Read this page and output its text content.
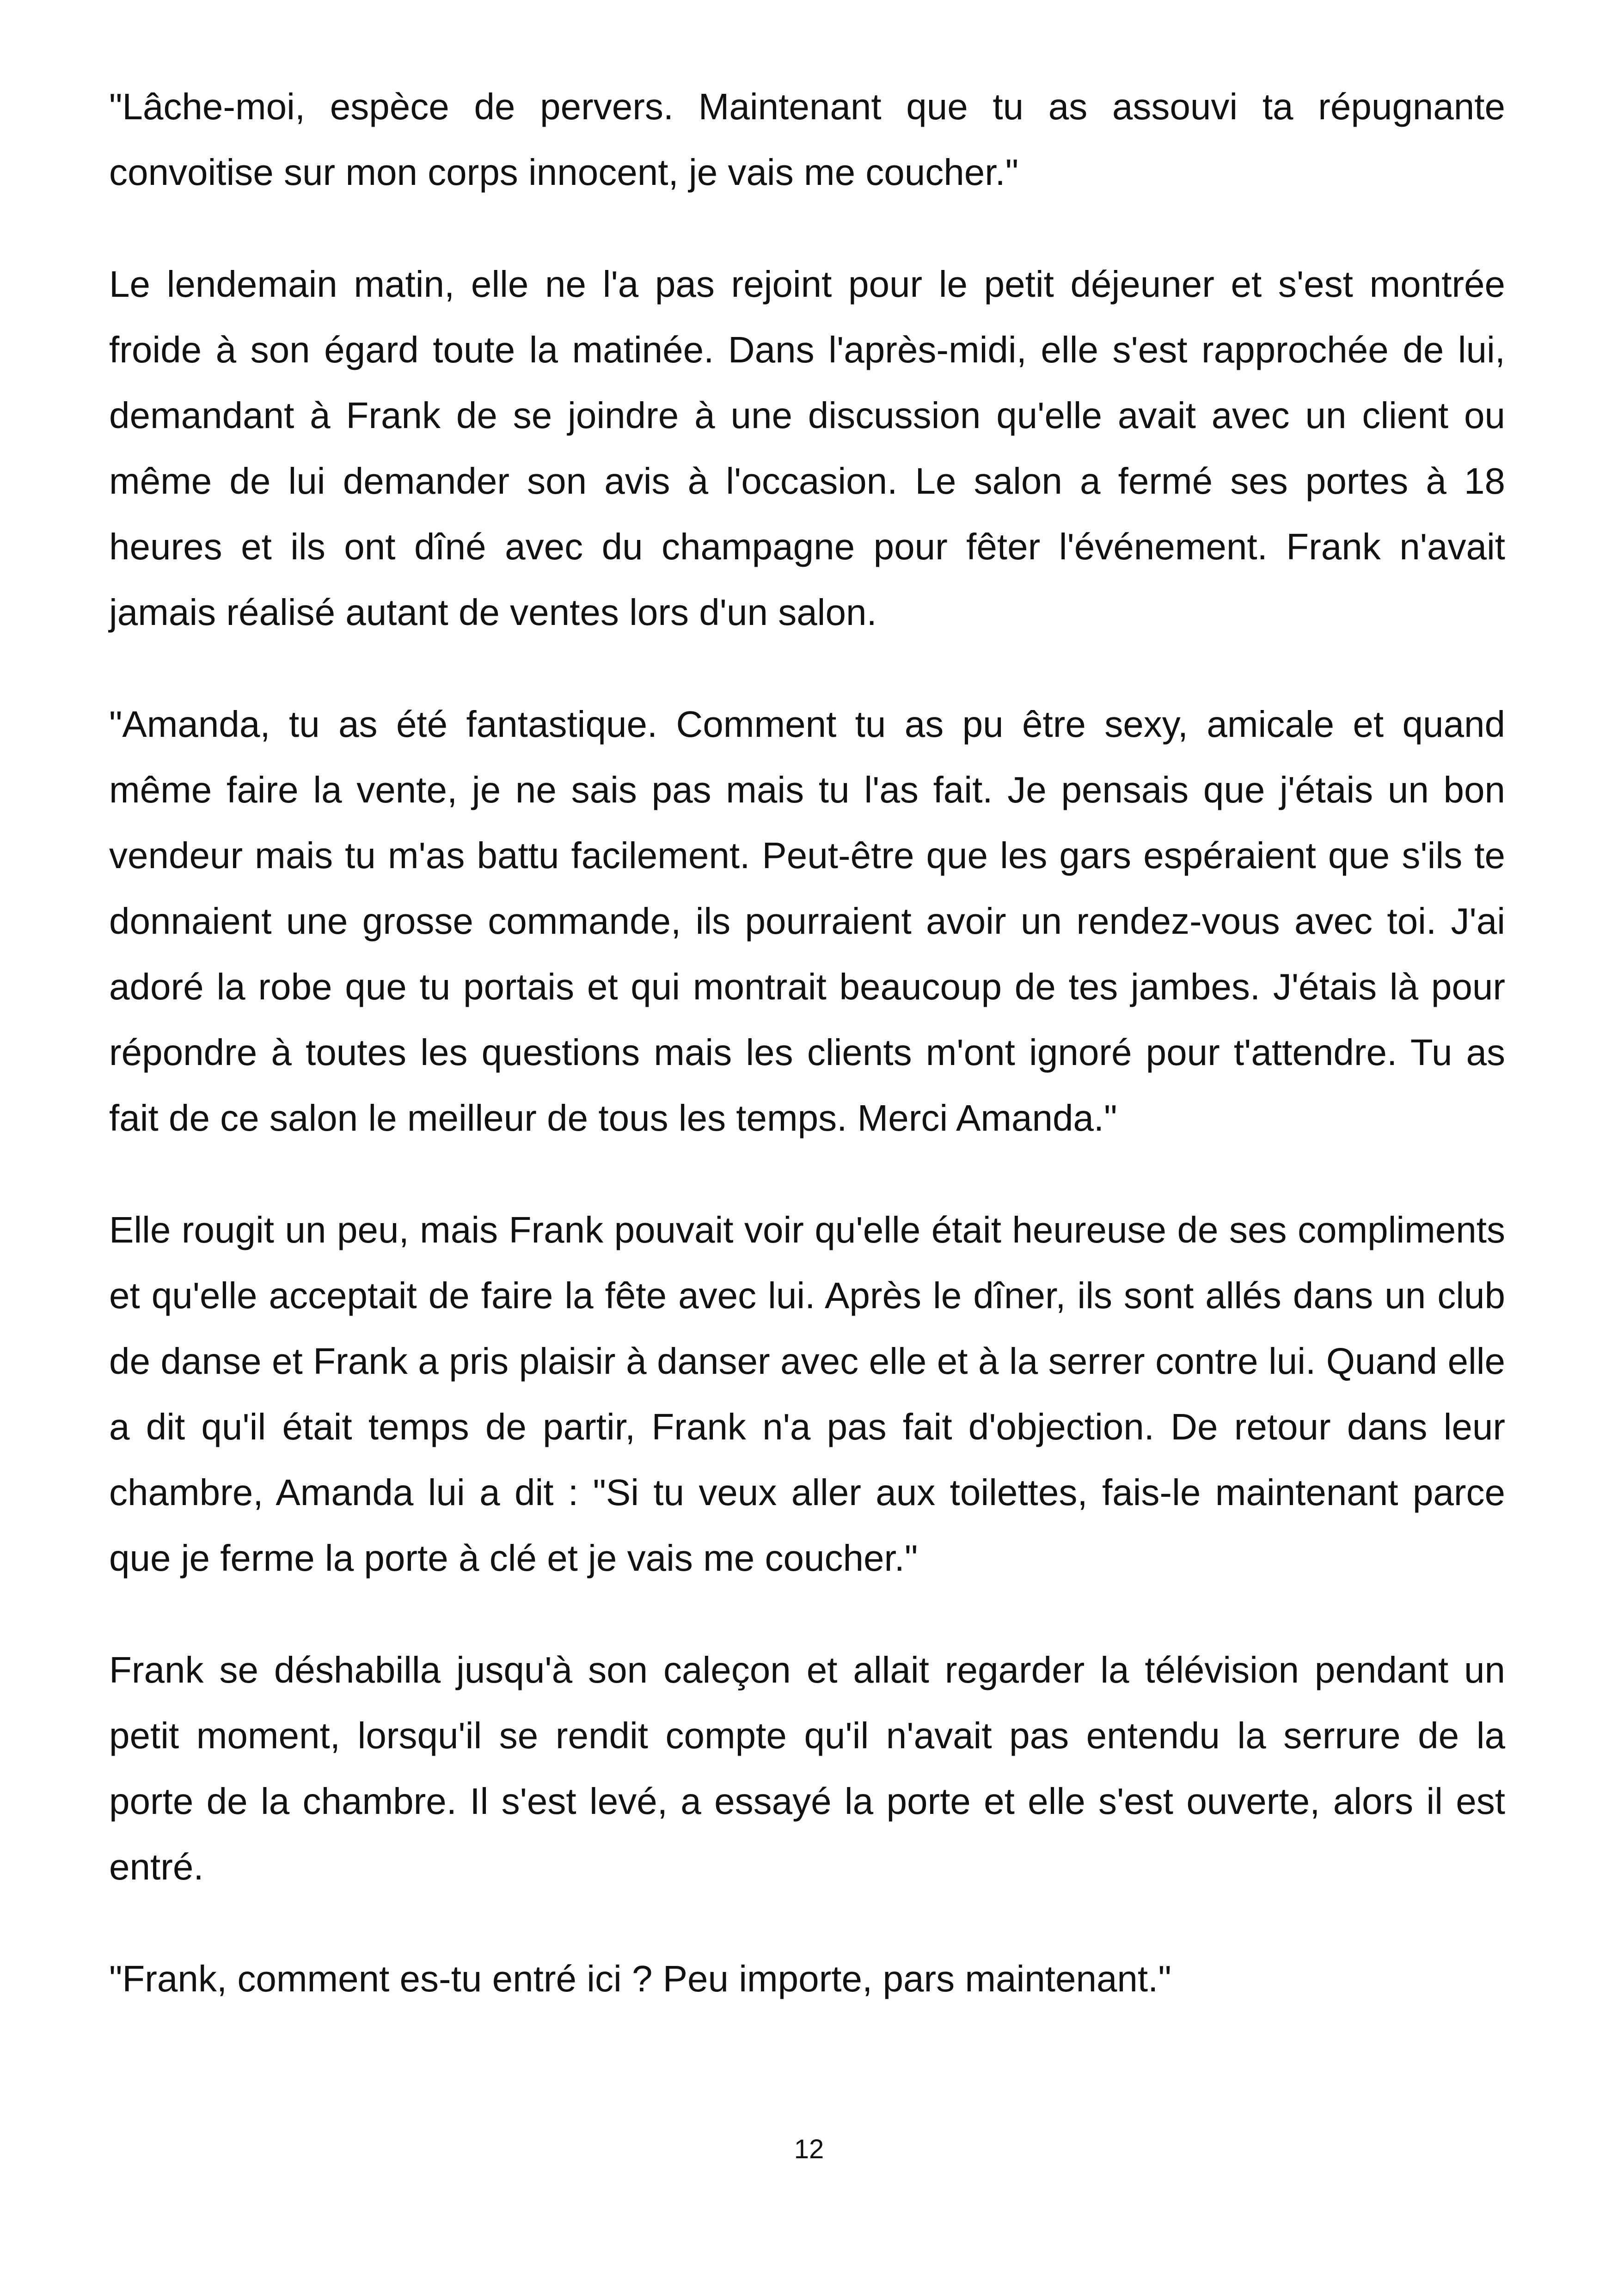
"Lâche-moi, espèce de pervers. Maintenant que tu as assouvi ta répugnante convoitise sur mon corps innocent, je vais me coucher."

Le lendemain matin, elle ne l'a pas rejoint pour le petit déjeuner et s'est montrée froide à son égard toute la matinée. Dans l'après-midi, elle s'est rapprochée de lui, demandant à Frank de se joindre à une discussion qu'elle avait avec un client ou même de lui demander son avis à l'occasion. Le salon a fermé ses portes à 18 heures et ils ont dîné avec du champagne pour fêter l'événement. Frank n'avait jamais réalisé autant de ventes lors d'un salon.

"Amanda, tu as été fantastique. Comment tu as pu être sexy, amicale et quand même faire la vente, je ne sais pas mais tu l'as fait. Je pensais que j'étais un bon vendeur mais tu m'as battu facilement. Peut-être que les gars espéraient que s'ils te donnaient une grosse commande, ils pourraient avoir un rendez-vous avec toi. J'ai adoré la robe que tu portais et qui montrait beaucoup de tes jambes. J'étais là pour répondre à toutes les questions mais les clients m'ont ignoré pour t'attendre. Tu as fait de ce salon le meilleur de tous les temps. Merci Amanda."

Elle rougit un peu, mais Frank pouvait voir qu'elle était heureuse de ses compliments et qu'elle acceptait de faire la fête avec lui. Après le dîner, ils sont allés dans un club de danse et Frank a pris plaisir à danser avec elle et à la serrer contre lui. Quand elle a dit qu'il était temps de partir, Frank n'a pas fait d'objection. De retour dans leur chambre, Amanda lui a dit : "Si tu veux aller aux toilettes, fais-le maintenant parce que je ferme la porte à clé et je vais me coucher."

Frank se déshabilla jusqu'à son caleçon et allait regarder la télévision pendant un petit moment, lorsqu'il se rendit compte qu'il n'avait pas entendu la serrure de la porte de la chambre. Il s'est levé, a essayé la porte et elle s'est ouverte, alors il est entré.

"Frank, comment es-tu entré ici ? Peu importe, pars maintenant."

12
